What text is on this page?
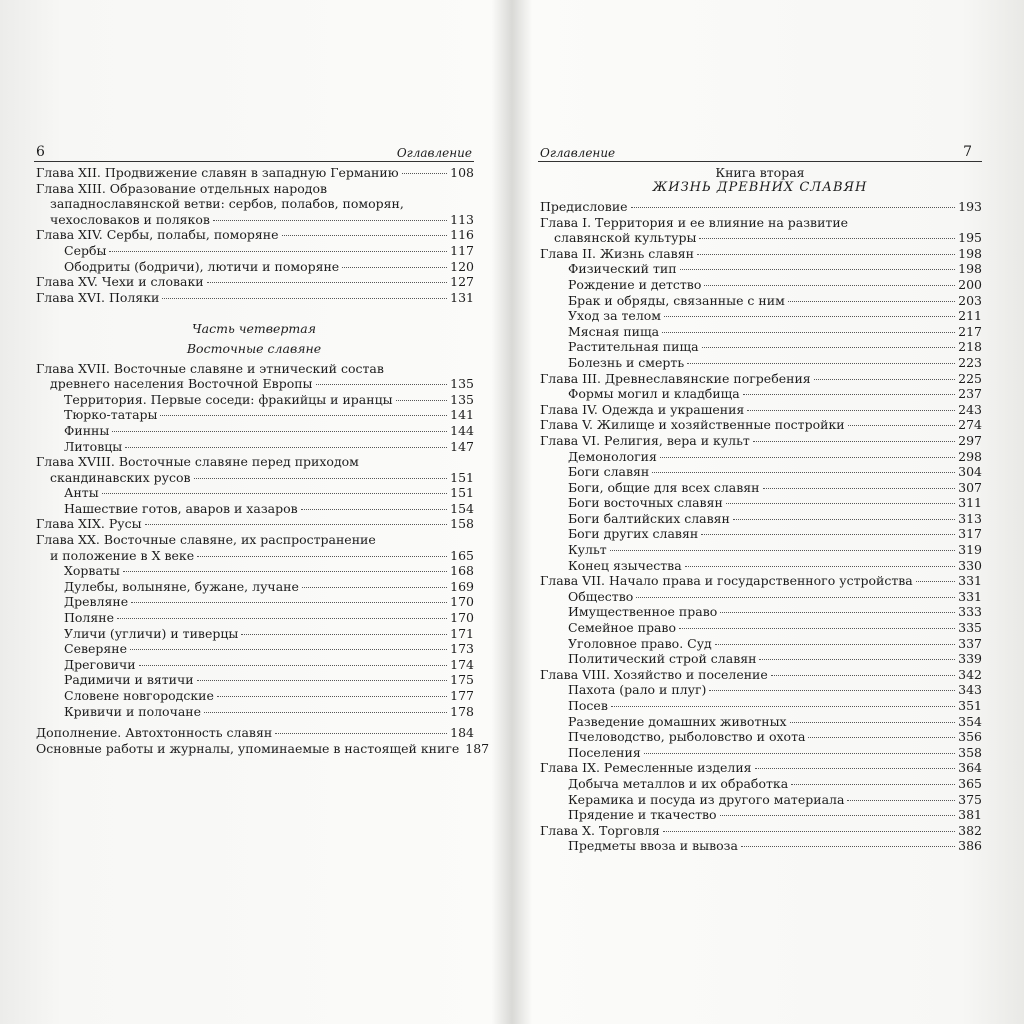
6	Оглавление
Глава XII. Продвижение славян в западную Германию	108
Глава XIII. Образование отдельных народов
западнославянской ветви: сербов, полабов, поморян,
чехословаков и поляков	113
Глава XIV. Сербы, полабы, поморяне	116
Сербы	117
Ободриты (бодричи), лютичи и поморяне	120
Глава XV. Чехи и словаки	127
Глава XVI. Поляки	131
Часть четвертая
Восточные славяне
Глава XVII. Восточные славяне и этнический состав
древнего населения Восточной Европы	135
Территория. Первые соседи: фракийцы и иранцы	135
Тюрко-татары	141
Финны	144
Литовцы	147
Глава XVIII. Восточные славяне перед приходом
скандинавских русов	151
Анты	151
Нашествие готов, аваров и хазаров	154
Глава XIX. Русы	158
Глава XX. Восточные славяне, их распространение
и положение в X веке	165
Хорваты	168
Дулебы, волыняне, бужане, лучане	169
Древляне	170
Поляне	170
Уличи (угличи) и тиверцы	171
Северяне	173
Дреговичи	174
Радимичи и вятичи	175
Словене новгородские	177
Кривичи и полочане	178
Дополнение. Автохтонность славян	184
Основные работы и журналы, упоминаемые в настоящей книге 187
Оглавление	7
Книга вторая
ЖИЗНЬ ДРЕВНИХ СЛАВЯН
Предисловие	193
Глава I. Территория и ее влияние на развитие
славянской культуры	195
Глава II. Жизнь славян	198
Физический тип	198
Рождение и детство	200
Брак и обряды, связанные с ним	203
Уход за телом	211
Мясная пища	217
Растительная пища	218
Болезнь и смерть	223
Глава III. Древнеславянские погребения	225
Формы могил и кладбища	237
Глава IV. Одежда и украшения	243
Глава V. Жилище и хозяйственные постройки	274
Глава VI. Религия, вера и культ	297
Демонология	298
Боги славян	304
Боги, общие для всех славян	307
Боги восточных славян	311
Боги балтийских славян	313
Боги других славян	317
Культ	319
Конец язычества	330
Глава VII. Начало права и государственного устройства	331
Общество	331
Имущественное право	333
Семейное право	335
Уголовное право. Суд	337
Политический строй славян	339
Глава VIII. Хозяйство и поселение	342
Пахота (рало и плуг)	343
Посев	351
Разведение домашних животных	354
Пчеловодство, рыболовство и охота	356
Поселения	358
Глава IX. Ремесленные изделия	364
Добыча металлов и их обработка	365
Керамика и посуда из другого материала	375
Прядение и ткачество	381
Глава X. Торговля	382
Предметы ввоза и вывоза	386
